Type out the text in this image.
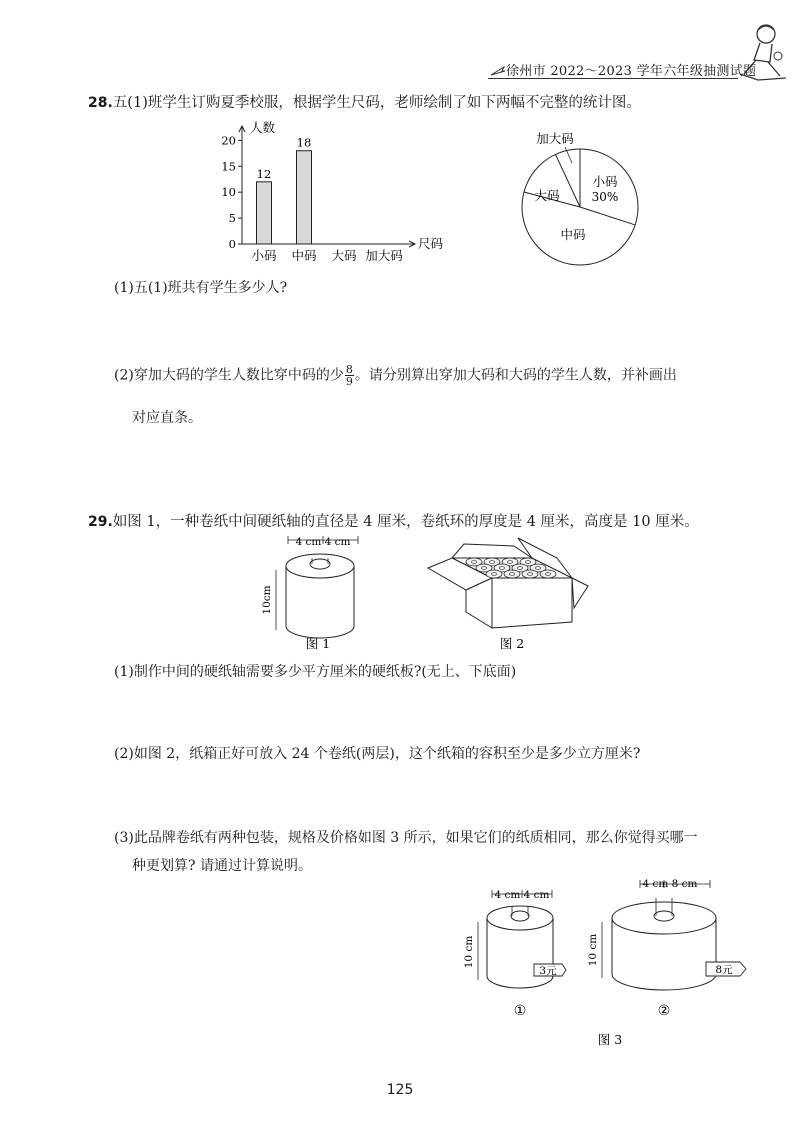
徐州市 2022～2023 学年六年级抽测试题
28.五(1)班学生订购夏季校服，根据学生尺码，老师绘制了如下两幅不完整的统计图。
人数
尺码
0
5
10
15
20
12
小码
18
中码 大码 加大码
加大码
大码
小码
30%
中码
(1)五(1)班共有学生多少人?
(2)穿加大码的学生人数比穿中码的少 $\frac{8}{9}$ 。请分别算出穿加大码和大码的学生人数，并补画出
对应直条。
29.如图 1，一种卷纸中间硬纸轴的直径是 4 厘米，卷纸环的厚度是 4 厘米，高度是 10 厘米。
4 cm 4 cm
10cm
图 1	图 2
(1)制作中间的硬纸轴需要多少平方厘米的硬纸板?(无上、下底面)
(2)如图 2，纸箱正好可放入 24 个卷纸(两层)，这个纸箱的容积至少是多少立方厘米?
(3)此品牌卷纸有两种包装，规格及价格如图 3 所示，如果它们的纸质相同，那么你觉得买哪一
种更划算? 请通过计算说明。
4 cm 4 cm
10 cm
3元
①
4 cm 8 cm
10 cm
8元
②
图 3
125
